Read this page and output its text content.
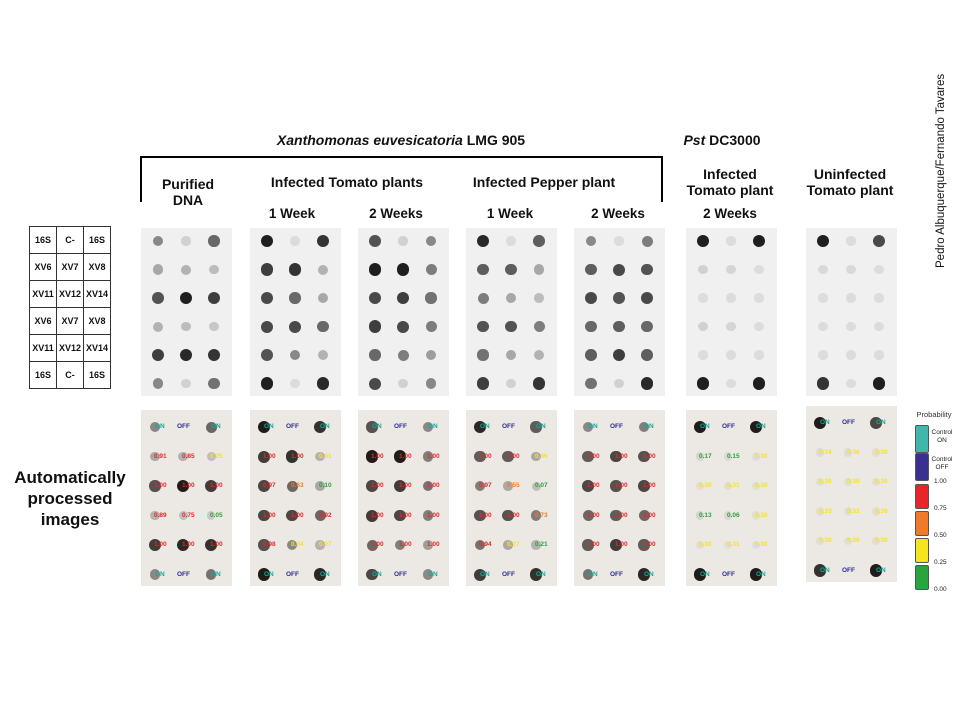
Pedro Albuquerque/Fernando Tavares
Xanthomonas euvesicatoria LMG 905	Pst DC3000
Purified DNA
Infected Tomato plants	Infected Pepper plant	Infected Tomato plant
Uninfected Tomato plant
1 Week	2 Weeks	1 Week	2 Weeks	2 Weeks
16S	C-	16S
XV6	XV7	XV8
XV11	XV12	XV14
XV6	XV7	XV8
XV11	XV12	XV14
16S	C-	16S
Automatically processed images
ON OFF	ON
0.91 0.85 0.25
1.00 1.00 1.00
0.89 0.75 0.05
1.00 1.00 1.00
ON OFF	ON
ON OFF	ON
1.00 1.00 0.31
0.97 0.63 0.10
1.00 1.00 0.92
0.98 0.34 0.27
ON OFF	ON
ON OFF	ON
1.00 1.00 1.00
1.00 1.00 1.00
1.00 1.00 1.00
1.00 1.00 1.00
ON OFF	ON
ON OFF	ON
1.00 1.00 0.36
0.97 0.55 0.07
1.00 1.00 0.73
0.94 0.27 0.21
ON OFF	ON
ON OFF	ON
1.00 1.00 1.00
1.00 1.00 1.00
1.00 1.00 1.00
1.00 1.00 1.00
ON OFF	ON
ON OFF	ON
0.17 0.15 0.30
0.30 0.31 0.30
0.13 0.06 0.30
0.30 0.31 0.30
ON OFF	ON
ON OFF	ON
0.34 0.36 0.30
0.30 0.30 0.30
0.33 0.33 0.30
0.30 0.30 0.30
ON OFF	ON
Probability
Control ON
Control OFF
1.00
0.75
0.50
0.25
0.00
